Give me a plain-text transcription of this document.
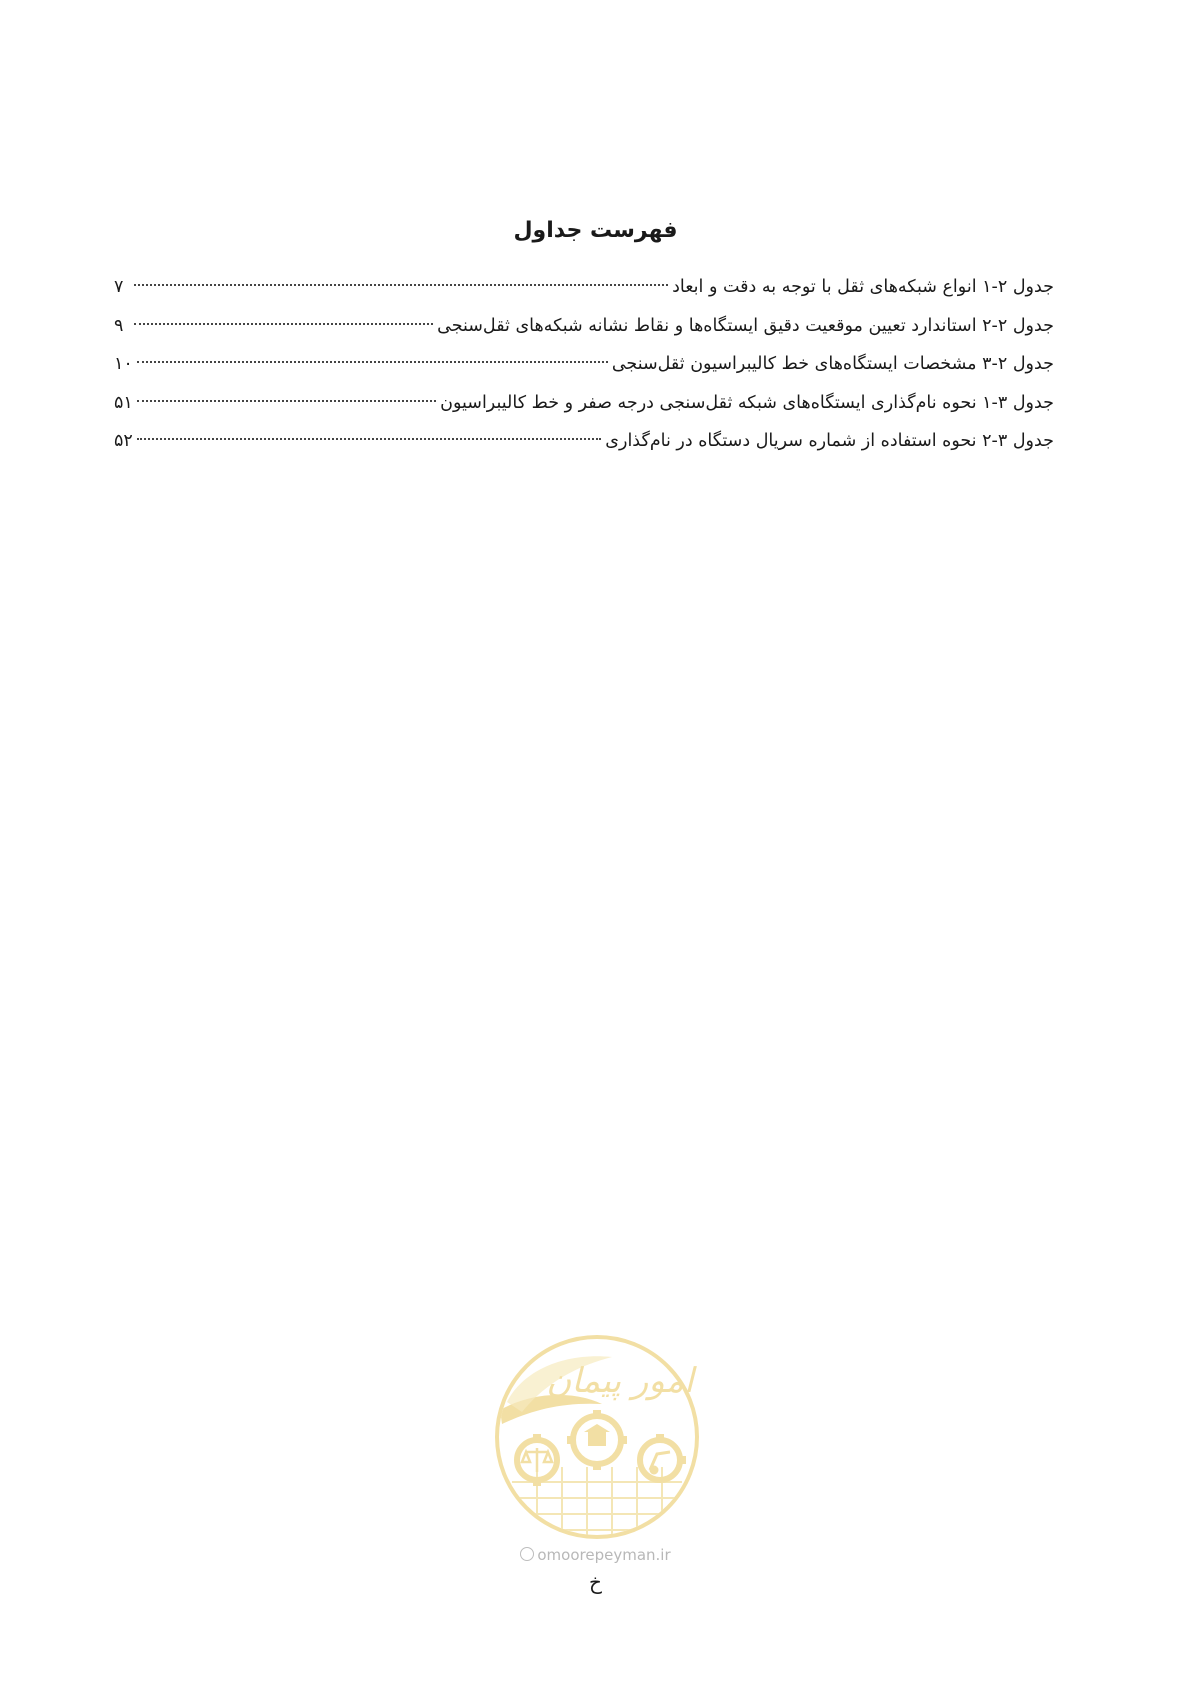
فهرست جداول
جدول ۲-۱ انواع شبکه‌های ثقل با توجه به دقت و ابعاد
۷
جدول ۲-۲ استاندارد تعیین موقعیت دقیق ایستگاه‌ها و نقاط نشانه شبکه‌های ثقل‌سنجی
۹
جدول ۲-۳ مشخصات ایستگاه‌های خط کالیبراسیون ثقل‌سنجی
۱۰
جدول ۳-۱ نحوه نام‌گذاری ایستگاه‌های شبکه ثقل‌سنجی درجه صفر و خط کالیبراسیون
۵۱
جدول ۳-۲ نحوه استفاده از شماره سریال دستگاه در نام‌گذاری
۵۲
امور پیمان
omoorepeyman.ir
خ
